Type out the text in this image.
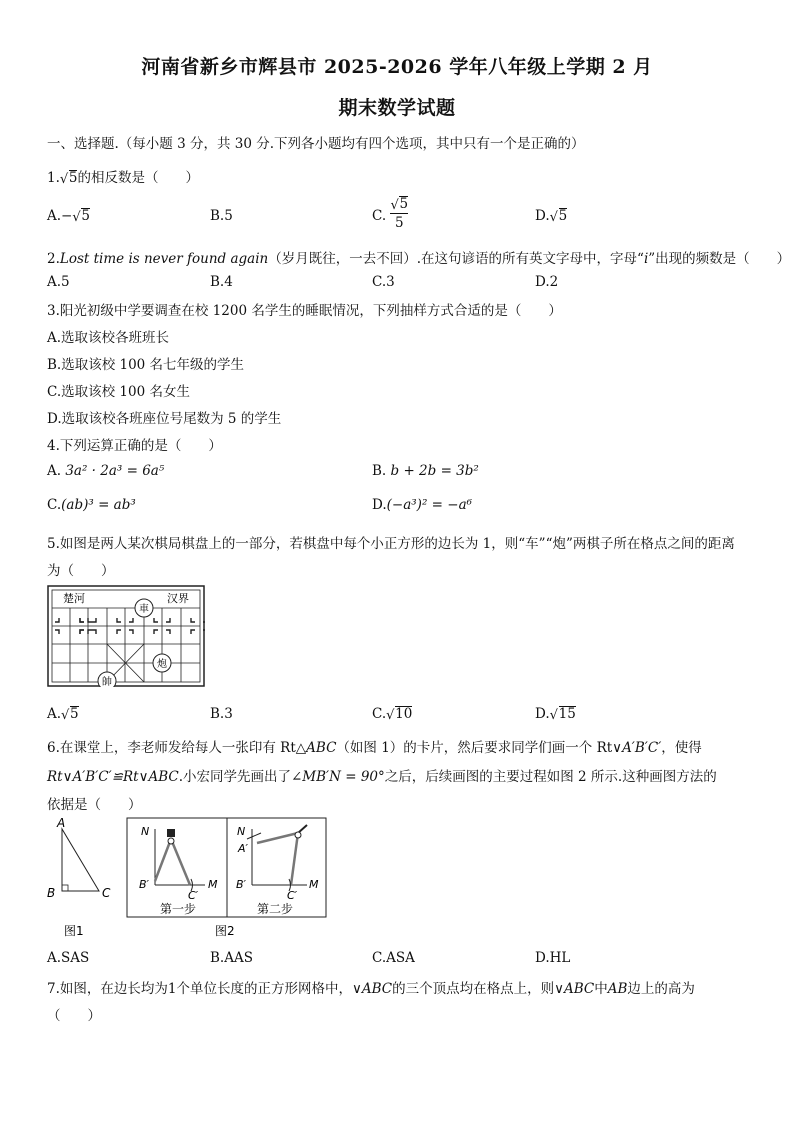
河南省新乡市辉县市 2025-2026 学年八年级上学期 2 月
期末数学试题
一、选择题.（每小题 3 分，共 30 分.下列各小题均有四个选项，其中只有一个是正确的）
1. √ 5的相反数是（　　）
A.− √ 5	B.5	C. $\frac{√ 5}{5}$	D. √ 5
2.Lost time is never found again（岁月既往，一去不回）.在这句谚语的所有英文字母中，字母“i”出现的频数是（　　）
A.5	B.4	C.3	D.2
3.阳光初级中学要调查在校 1200 名学生的睡眠情况，下列抽样方式合适的是（　　）
A.选取该校各班班长
B.选取该校 100 名七年级的学生
C.选取该校 100 名女生
D.选取该校各班座位号尾数为 5 的学生
4.下列运算正确的是（　　）
A. 3a² · 2a³ = 6a⁵	B. b + 2b = 3b²
C.(ab)³ = ab³	D.(−a³)² = −a⁶
5.如图是两人某次棋局棋盘上的一部分，若棋盘中每个小正方形的边长为 1，则“车”“炮”两棋子所在格点之间的距离
为（　　）
楚河	汉界
車
炮
帥
A. √ 5	B.3	C. √ 10	D. √ 15
6.在课堂上，李老师发给每人一张印有 Rt△ABC（如图 1）的卡片，然后要求同学们画一个 Rt∨A′B′C′，使得
Rt∨A′B′C′≌Rt∨ABC.小宏同学先画出了∠MB′N = 90°之后，后续画图的主要过程如图 2 所示.这种画图方法的
依据是（　　）
A
B	C
图1
N
B′
C′
M
第一步
N
A′
B′
C′
M
第二步
图2
A.SAS	B.AAS	C.ASA	D.HL
7.如图，在边长均为1个单位长度的正方形网格中，∨ABC的三个顶点均在格点上，则∨ABC中AB边上的高为
（　　）
